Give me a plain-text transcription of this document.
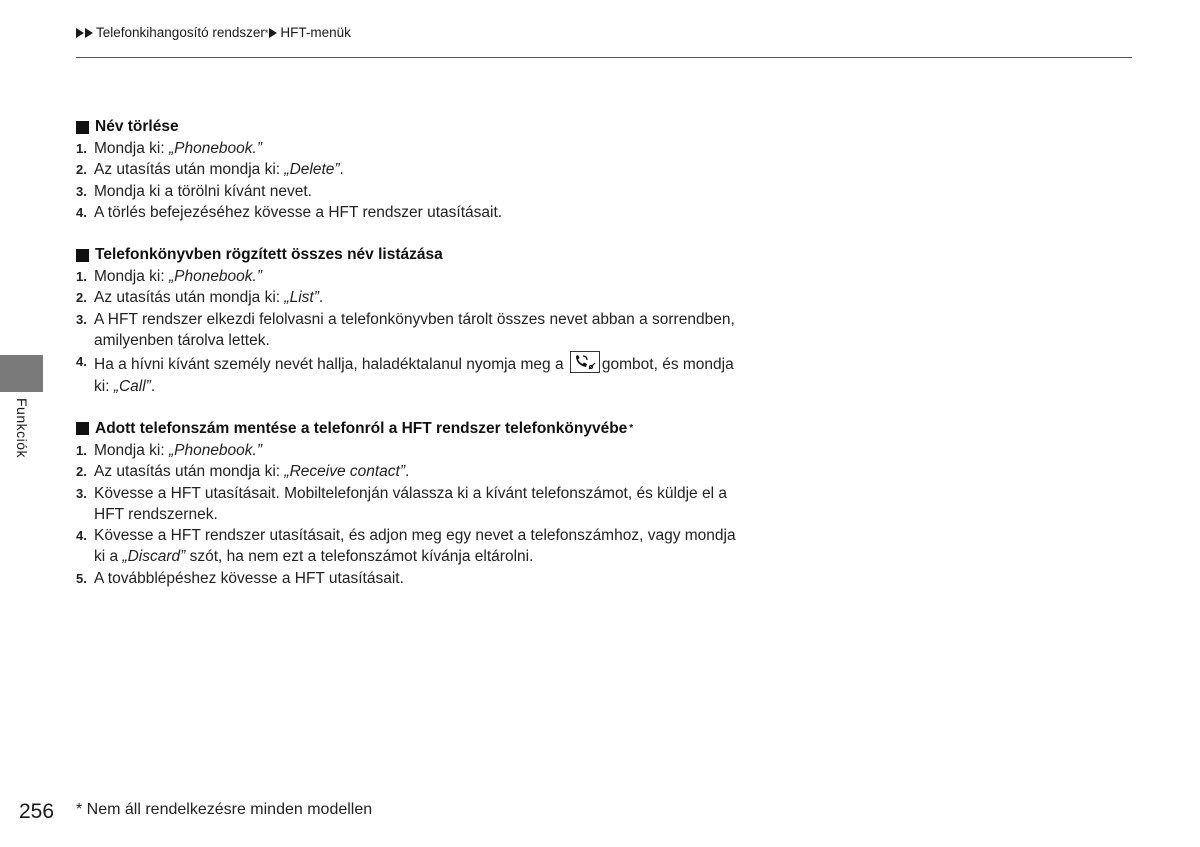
Telefonkihangosító rendszer * HFT-menük
Funkciók
Név törlése
1. Mondja ki: „Phonebook.”
2. Az utasítás után mondja ki: „Delete”.
3. Mondja ki a törölni kívánt nevet.
4. A törlés befejezéséhez kövesse a HFT rendszer utasításait.
Telefonkönyvben rögzített összes név listázása
1. Mondja ki: „Phonebook.”
2. Az utasítás után mondja ki: „List”.
3. A HFT rendszer elkezdi felolvasni a telefonkönyvben tárolt összes nevet abban a sorrendben, amilyenben tárolva lettek.
4. Ha a hívni kívánt személy nevét hallja, haladéktalanul nyomja meg a gombot, és mondja ki: „Call”.
Adott telefonszám mentése a telefonról a HFT rendszer telefonkönyvébe *
1. Mondja ki: „Phonebook.”
2. Az utasítás után mondja ki: „Receive contact”.
3. Kövesse a HFT utasításait. Mobiltelefonján válassza ki a kívánt telefonszámot, és küldje el a HFT rendszernek.
4. Kövesse a HFT rendszer utasításait, és adjon meg egy nevet a telefonszámhoz, vagy mondja ki a „Discard” szót, ha nem ezt a telefonszámot kívánja eltárolni.
5. A továbblépéshez kövesse a HFT utasításait.
256 * Nem áll rendelkezésre minden modellen
